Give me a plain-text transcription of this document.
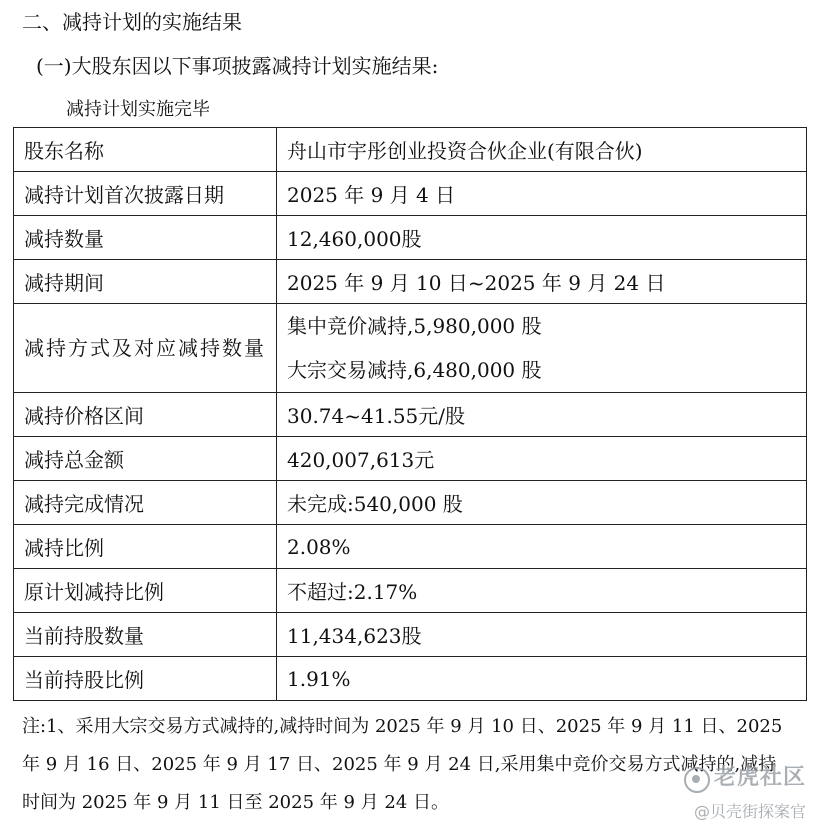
二、减持计划的实施结果
(一)大股东因以下事项披露减持计划实施结果:
减持计划实施完毕
股东名称	舟山市宇彤创业投资合伙企业(有限合伙)
减持计划首次披露日期	2025 年 9 月 4 日
减持数量	12,460,000股
减持期间	2025 年 9 月 10 日~2025 年 9 月 24 日
减持方式及对应减持数量	集中竞价减持,5,980,000 股
大宗交易减持,6,480,000 股

减持价格区间	30.74~41.55元/股
减持总金额	420,007,613元
减持完成情况	未完成:540,000 股
减持比例	2.08%
原计划减持比例	不超过:2.17%
当前持股数量	11,434,623股
当前持股比例	1.91%

注:1、采用大宗交易方式减持的,减持时间为 2025 年 9 月 10 日、2025 年 9 月 11 日、2025

年 9 月 16 日、2025 年 9 月 17 日、2025 年 9 月 24 日,采用集中竞价交易方式减持的,减持

时间为 2025 年 9 月 11 日至 2025 年 9 月 24 日。

老虎社区
@贝壳街探案官
